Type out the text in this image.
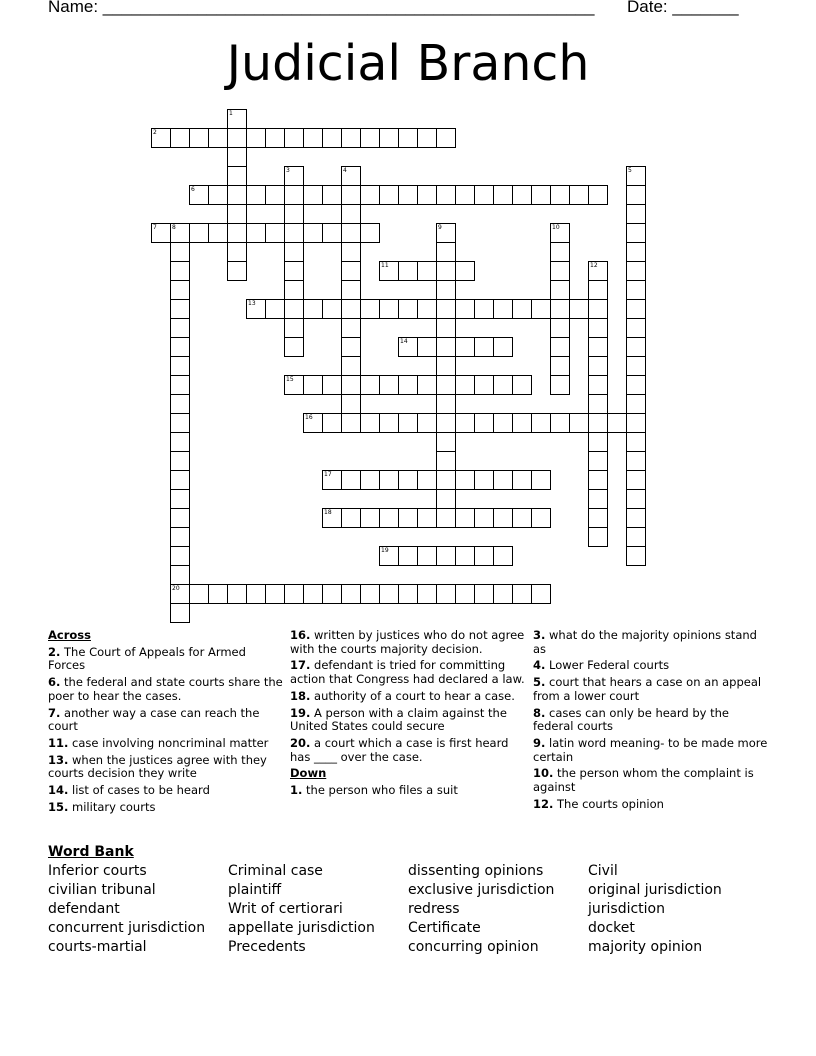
Name: ____________________________________________________ Date: _______
Judicial Branch
1
2
3	4	5
6
7	8
20
9	10
11	12
13
14
15
16
17
18
19
Across

2. The Court of Appeals for Armed Forces

6. the federal and state courts share the poer to hear the cases.

7. another way a case can reach the court

11. case involving noncriminal matter

13. when the justices agree with they courts decision they write

14. list of cases to be heard

15. military courts

16. written by justices who do not agree with the courts majority decision.

17. defendant is tried for committing action that Congress had declared a law.

18. authority of a court to hear a case.

19. A person with a claim against the United States could secure

20. a court which a case is first heard has ____ over the case.

Down

1. the person who files a suit

3. what do the majority opinions stand as

4. Lower Federal courts

5. court that hears a case on an appeal from a lower court

8. cases can only be heard by the federal courts

9. latin word meaning- to be made more certain

10. the person whom the complaint is against

12. The courts opinion

Word Bank
Inferior courts
civilian tribunal
defendant
concurrent jurisdiction
courts-martial
Criminal case
plaintiff
Writ of certiorari
appellate jurisdiction
Precedents
dissenting opinions
exclusive jurisdiction
redress
Certificate
concurring opinion
Civil
original jurisdiction
jurisdiction
docket
majority opinion
